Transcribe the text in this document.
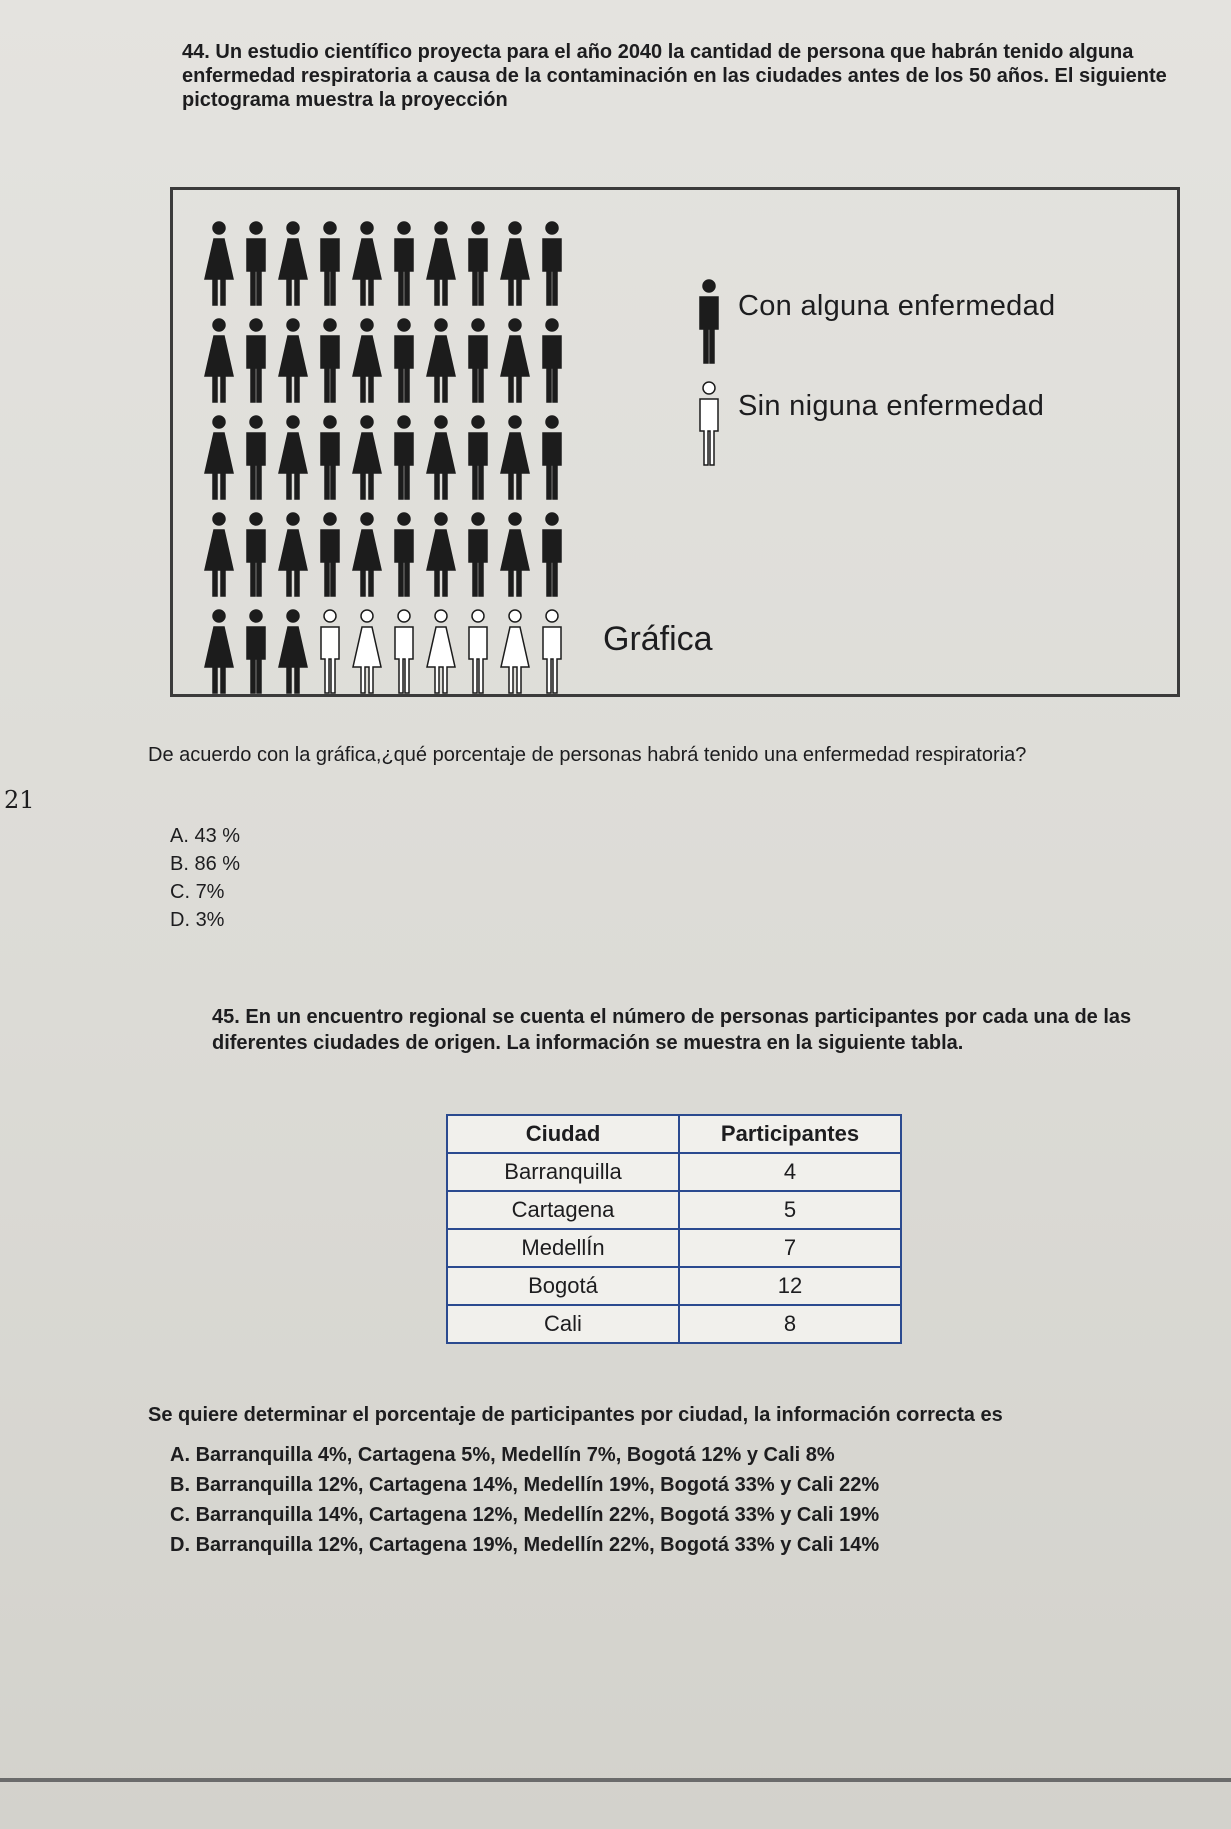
44. Un estudio científico proyecta para el año 2040 la cantidad de persona que habrán tenido alguna enfermedad respiratoria a causa de la contaminación en las ciudades antes de los 50 años. El siguiente pictograma muestra la proyección
Con alguna enfermedad
Sin niguna enfermedad
Gráfica
De acuerdo con la gráfica,¿qué porcentaje de personas habrá tenido una enfermedad respiratoria?
21
A. 43 %
B. 86 %
C. 7%
D. 3%
45. En un encuentro regional se cuenta el número de personas participantes por cada una de las diferentes ciudades de origen. La información se muestra en la siguiente tabla.
Ciudad	Participantes
Barranquilla	4
Cartagena	5
MedellÍn	7
Bogotá	12
Cali	8
Se quiere determinar el porcentaje de participantes por ciudad, la información correcta es
A. Barranquilla 4%, Cartagena 5%, Medellín 7%, Bogotá 12% y Cali 8%
B. Barranquilla 12%, Cartagena 14%, Medellín 19%, Bogotá 33% y Cali 22%
C. Barranquilla 14%, Cartagena 12%, Medellín 22%, Bogotá 33% y Cali 19%
D. Barranquilla 12%, Cartagena 19%, Medellín 22%, Bogotá 33% y Cali 14%
